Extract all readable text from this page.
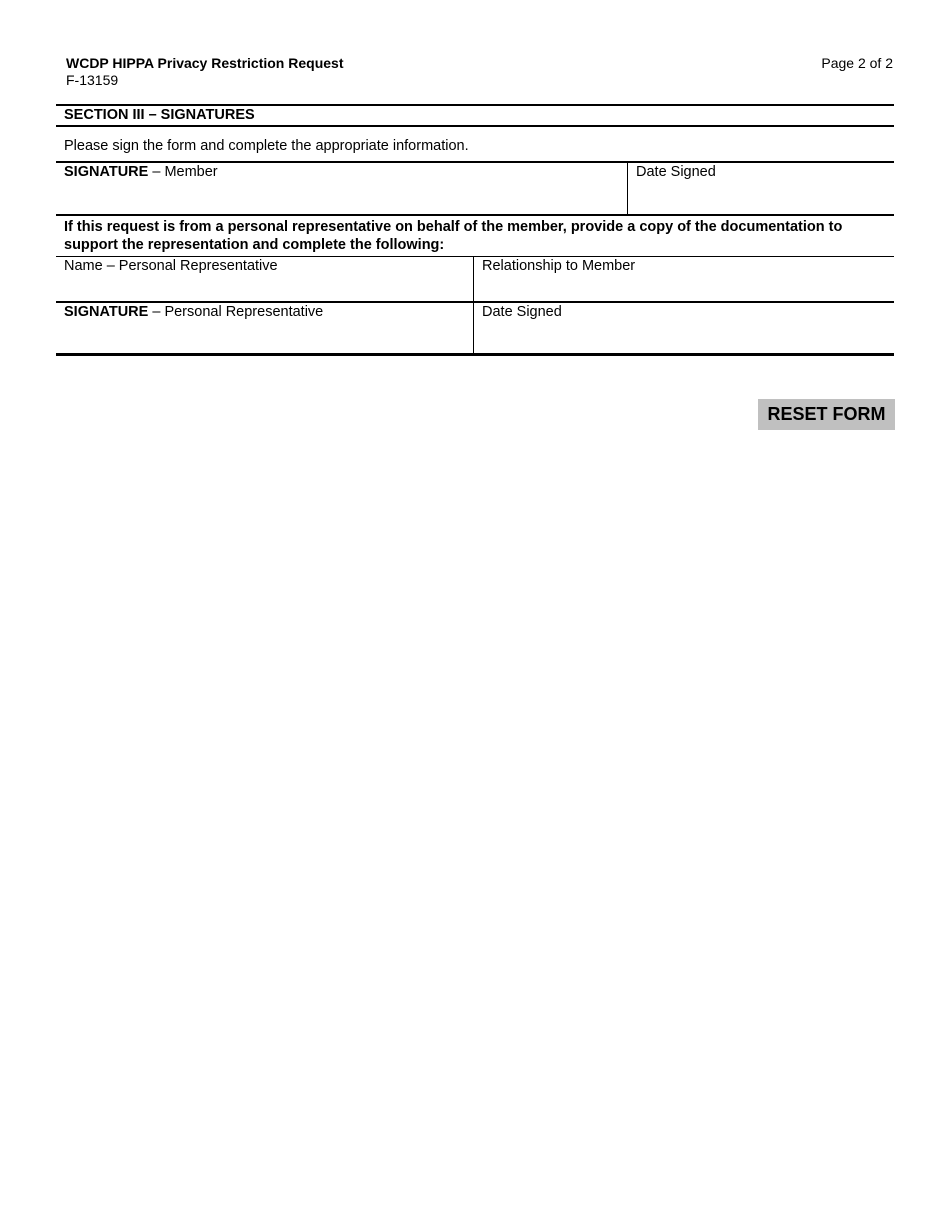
WCDP HIPPA Privacy Restriction Request
F-13159
Page 2 of 2
SECTION III – SIGNATURES
Please sign the form and complete the appropriate information.
SIGNATURE – Member	Date Signed
If this request is from a personal representative on behalf of the member, provide a copy of the documentation to support the representation and complete the following:
Name – Personal Representative	Relationship to Member
SIGNATURE – Personal Representative	Date Signed
RESET FORM
